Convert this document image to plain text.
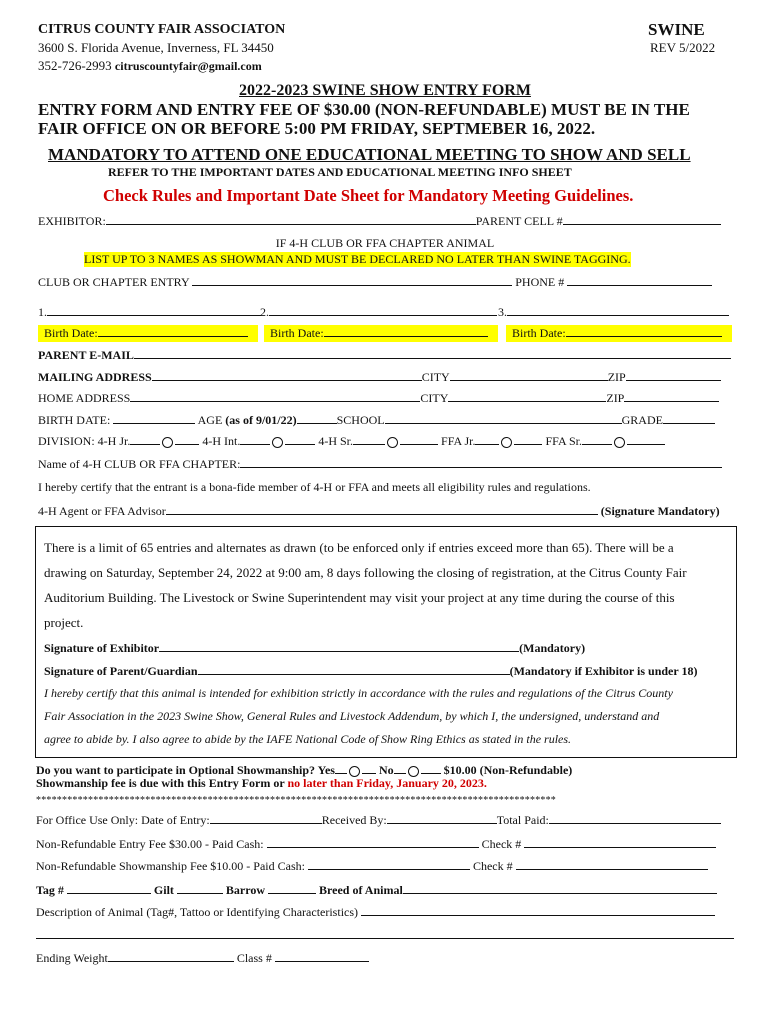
CITRUS COUNTY FAIR ASSOCIATON
3600 S. Florida Avenue, Inverness, FL 34450
352-726-2993 citruscountyfair@gmail.com
SWINE
REV 5/2022
2022-2023 SWINE SHOW ENTRY FORM
ENTRY FORM AND ENTRY FEE OF $30.00 (NON-REFUNDABLE) MUST BE IN THE
FAIR OFFICE ON OR BEFORE 5:00 PM FRIDAY, SEPTMEBER 16, 2022.
MANDATORY TO ATTEND ONE EDUCATIONAL MEETING TO SHOW AND SELL
REFER TO THE IMPORTANT DATES AND EDUCATIONAL MEETING INFO SHEET
Check Rules and Important Date Sheet for Mandatory Meeting Guidelines.
EXHIBITOR:	PARENT CELL #
IF 4-H CLUB OR FFA CHAPTER ANIMAL
LIST UP TO 3 NAMES AS SHOWMAN AND MUST BE DECLARED NO LATER THAN SWINE TAGGING.
CLUB OR CHAPTER ENTRY	PHONE #
1.	2.	3.
Birth Date:	Birth Date:	Birth Date:
PARENT E-MAIL
MAILING ADDRESS	CITY	ZIP
HOME ADDRESS	CITY	ZIP
BIRTH DATE:	AGE (as of 9/01/22)	SCHOOL	GRADE
DIVISION: 4-H Jr.	4-H Int.	4-H Sr.	FFA Jr.	FFA Sr.
Name of 4-H CLUB OR FFA CHAPTER:
I hereby certify that the entrant is a bona-fide member of 4-H or FFA and meets all eligibility rules and regulations.
4-H Agent or FFA Advisor	(Signature Mandatory)
There is a limit of 65 entries and alternates as drawn (to be enforced only if entries exceed more than 65). There will be a
drawing on Saturday, September 24, 2022 at 9:00 am, 8 days following the closing of registration, at the Citrus County Fair
Auditorium Building. The Livestock or Swine Superintendent may visit your project at any time during the course of this
project.
Signature of Exhibitor	(Mandatory)
Signature of Parent/Guardian	(Mandatory if Exhibitor is under 18)
I hereby certify that this animal is intended for exhibition strictly in accordance with the rules and regulations of the Citrus County
Fair Association in the 2023 Swine Show, General Rules and Livestock Addendum, by which I, the undersigned, understand and
agree to abide by. I also agree to abide by the IAFE National Code of Show Ring Ethics as stated in the rules.
Do you want to participate in Optional Showmanship? Yes	No	$10.00 (Non-Refundable)
Showmanship fee is due with this Entry Form or no later than Friday, January 20, 2023.
****************************************************************************************************
For Office Use Only: Date of Entry:	Received By:	Total Paid:
Non-Refundable Entry Fee $30.00 - Paid Cash:	Check #
Non-Refundable Showmanship Fee $10.00 - Paid Cash:	Check #
Tag #	Gilt	Barrow	Breed of Animal
Description of Animal (Tag#, Tattoo or Identifying Characteristics)
Ending Weight	Class #
